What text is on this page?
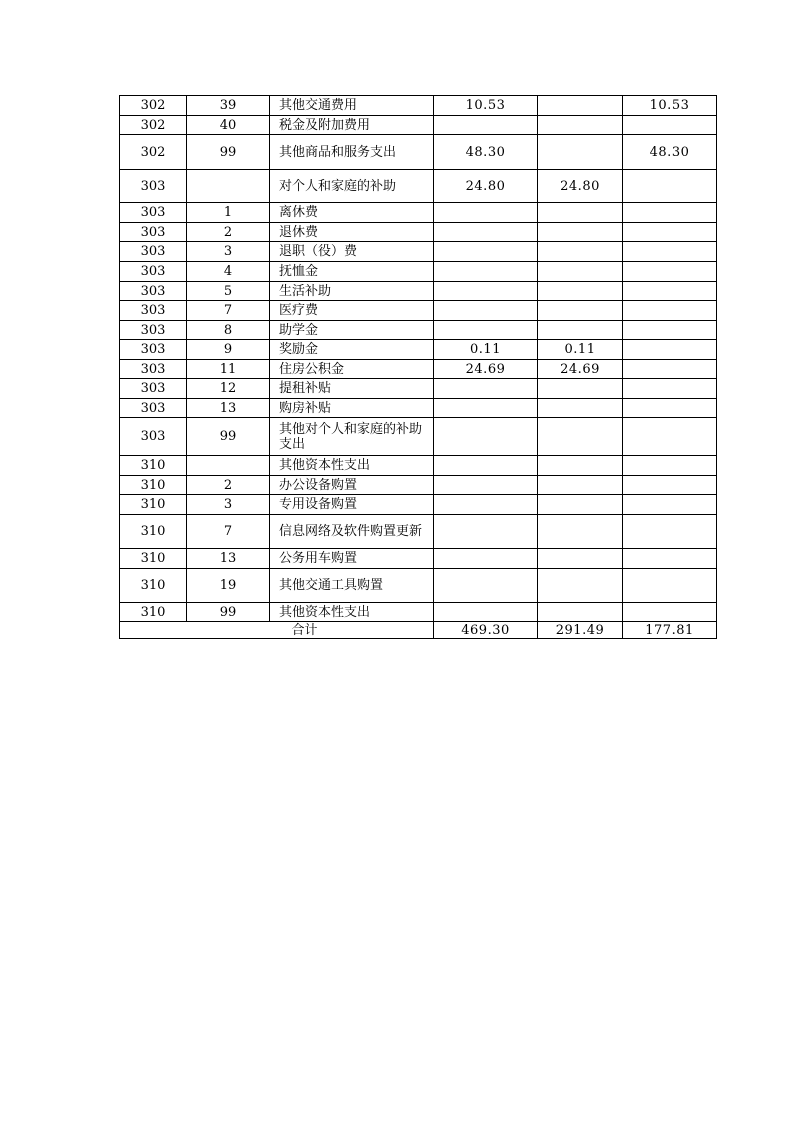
302	39	其他交通费用	10.53		10.53
302	40	税金及附加费用			
302	99	其他商品和服务支出	48.30		48.30
303		对个人和家庭的补助	24.80	24.80	
303	1	离休费			
303	2	退休费			
303	3	退职（役）费			
303	4	抚恤金			
303	5	生活补助			
303	7	医疗费			
303	8	助学金			
303	9	奖励金	0.11	0.11	
303	11	住房公积金	24.69	24.69	
303	12	提租补贴			
303	13	购房补贴			
303	99	其他对个人和家庭的补助支出			
310		其他资本性支出			
310	2	办公设备购置			
310	3	专用设备购置			
310	7	信息网络及软件购置更新			
310	13	公务用车购置			
310	19	其他交通工具购置			
310	99	其他资本性支出			
合计			469.30	291.49	177.81
